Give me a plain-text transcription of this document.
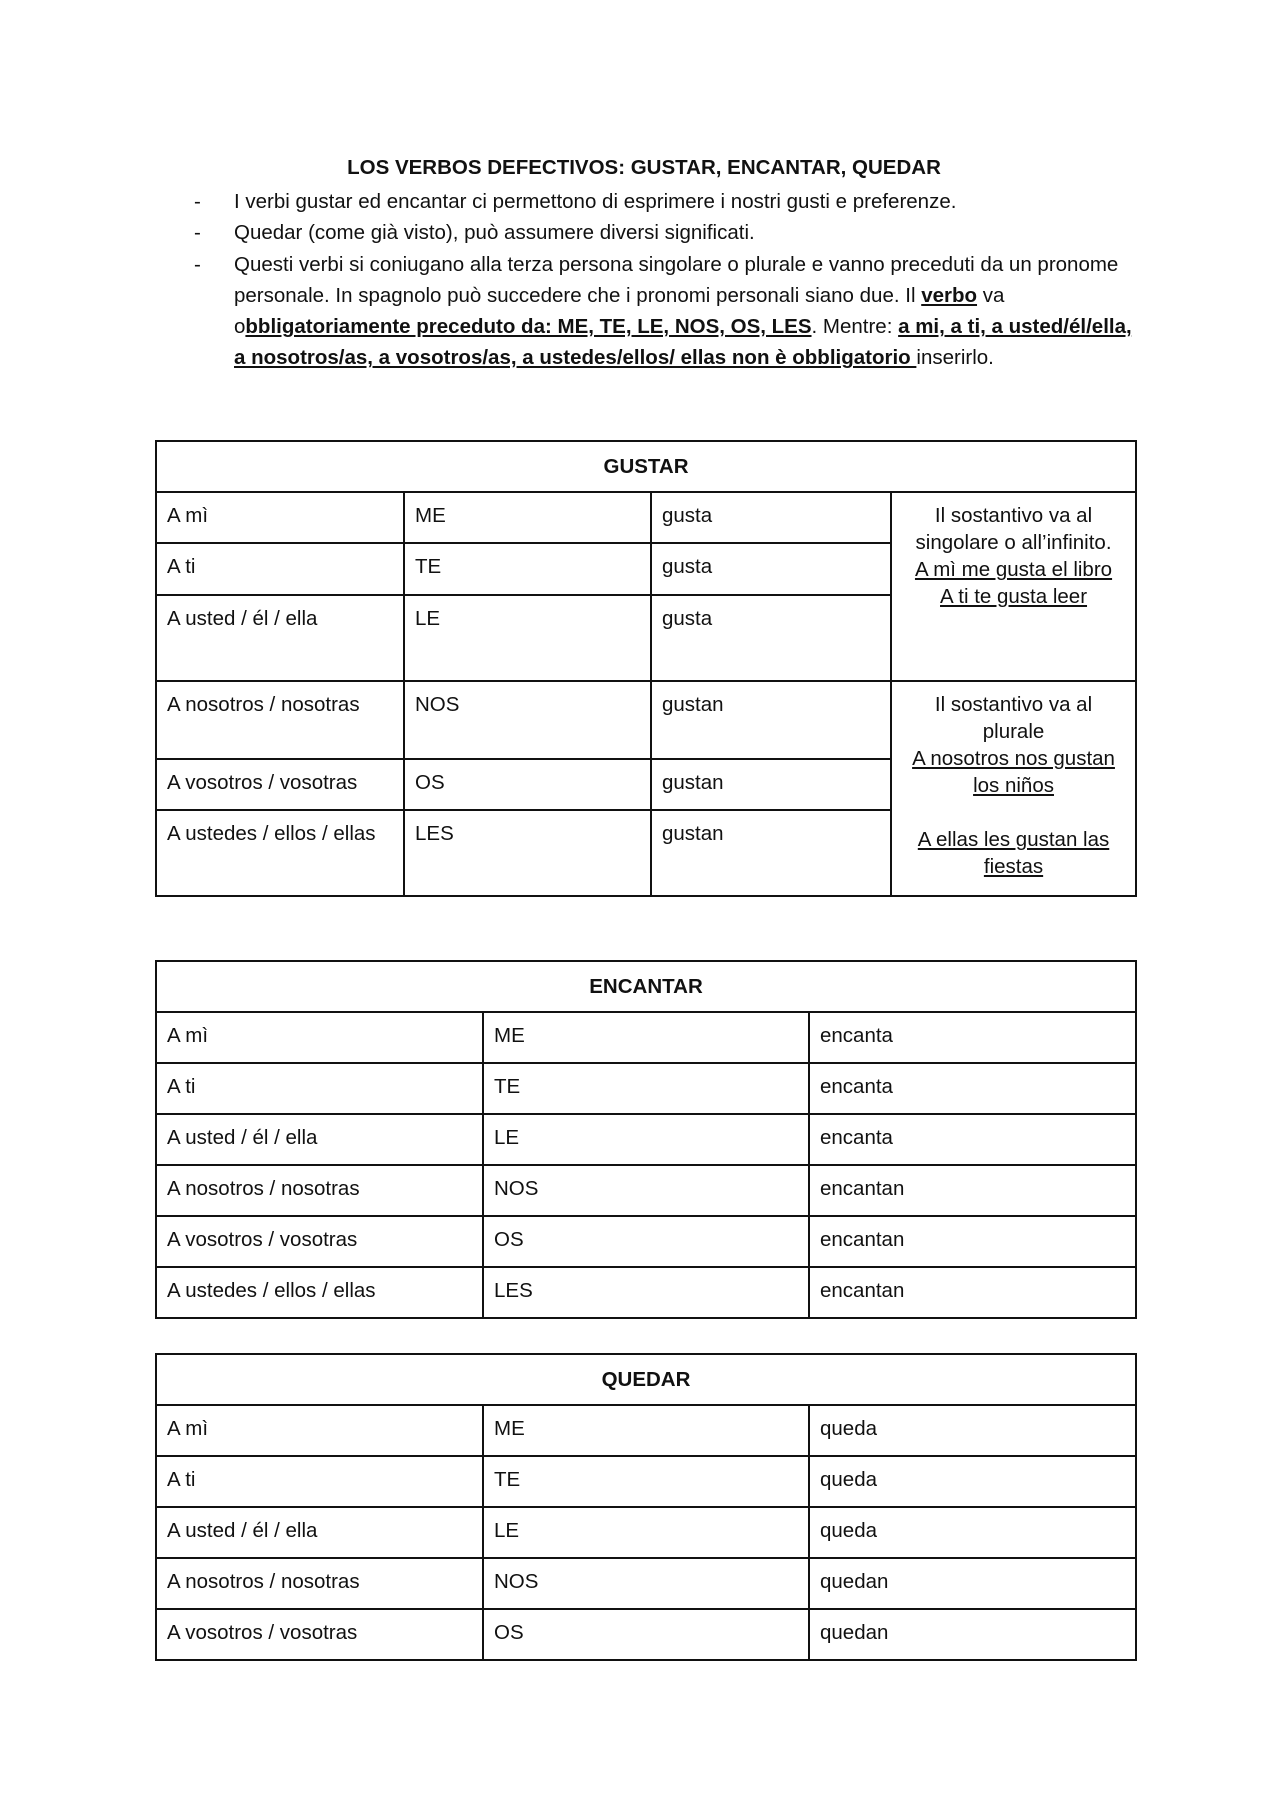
LOS VERBOS DEFECTIVOS: GUSTAR, ENCANTAR, QUEDAR
- I verbi gustar ed encantar ci permettono di esprimere i nostri gusti e preferenze.
- Quedar (come già visto), può assumere diversi significati.
- Questi verbi si coniugano alla terza persona singolare o plurale e vanno preceduti da un pronome personale. In spagnolo può succedere che i pronomi personali siano due. Il verbo va obbligatoriamente preceduto da: ME, TE, LE, NOS, OS, LES. Mentre: a mi, a ti, a usted/él/ella, a nosotros/as, a vosotros/as, a ustedes/ellos/ ellas non è obbligatorio inserirlo.
GUSTAR			
A mì	ME	gusta	Il sostantivo va al singolare o all’infinito.
A mì me gusta el libro
A ti te gusta leer
A ti	TE	gusta	
A usted / él / ella	LE	gusta	
A nosotros / nosotras	NOS	gustan	Il sostantivo va al plurale
A nosotros nos gustan los niños

A ellas les gustan las fiestas
A vosotros / vosotras	OS	gustan	
A ustedes / ellos / ellas	LES	gustan	
ENCANTAR		
A mì	ME	encanta
A ti	TE	encanta
A usted / él / ella	LE	encanta
A nosotros / nosotras	NOS	encantan
A vosotros / vosotras	OS	encantan
A ustedes / ellos / ellas	LES	encantan
QUEDAR		
A mì	ME	queda
A ti	TE	queda
A usted / él / ella	LE	queda
A nosotros / nosotras	NOS	quedan
A vosotros / vosotras	OS	quedan
